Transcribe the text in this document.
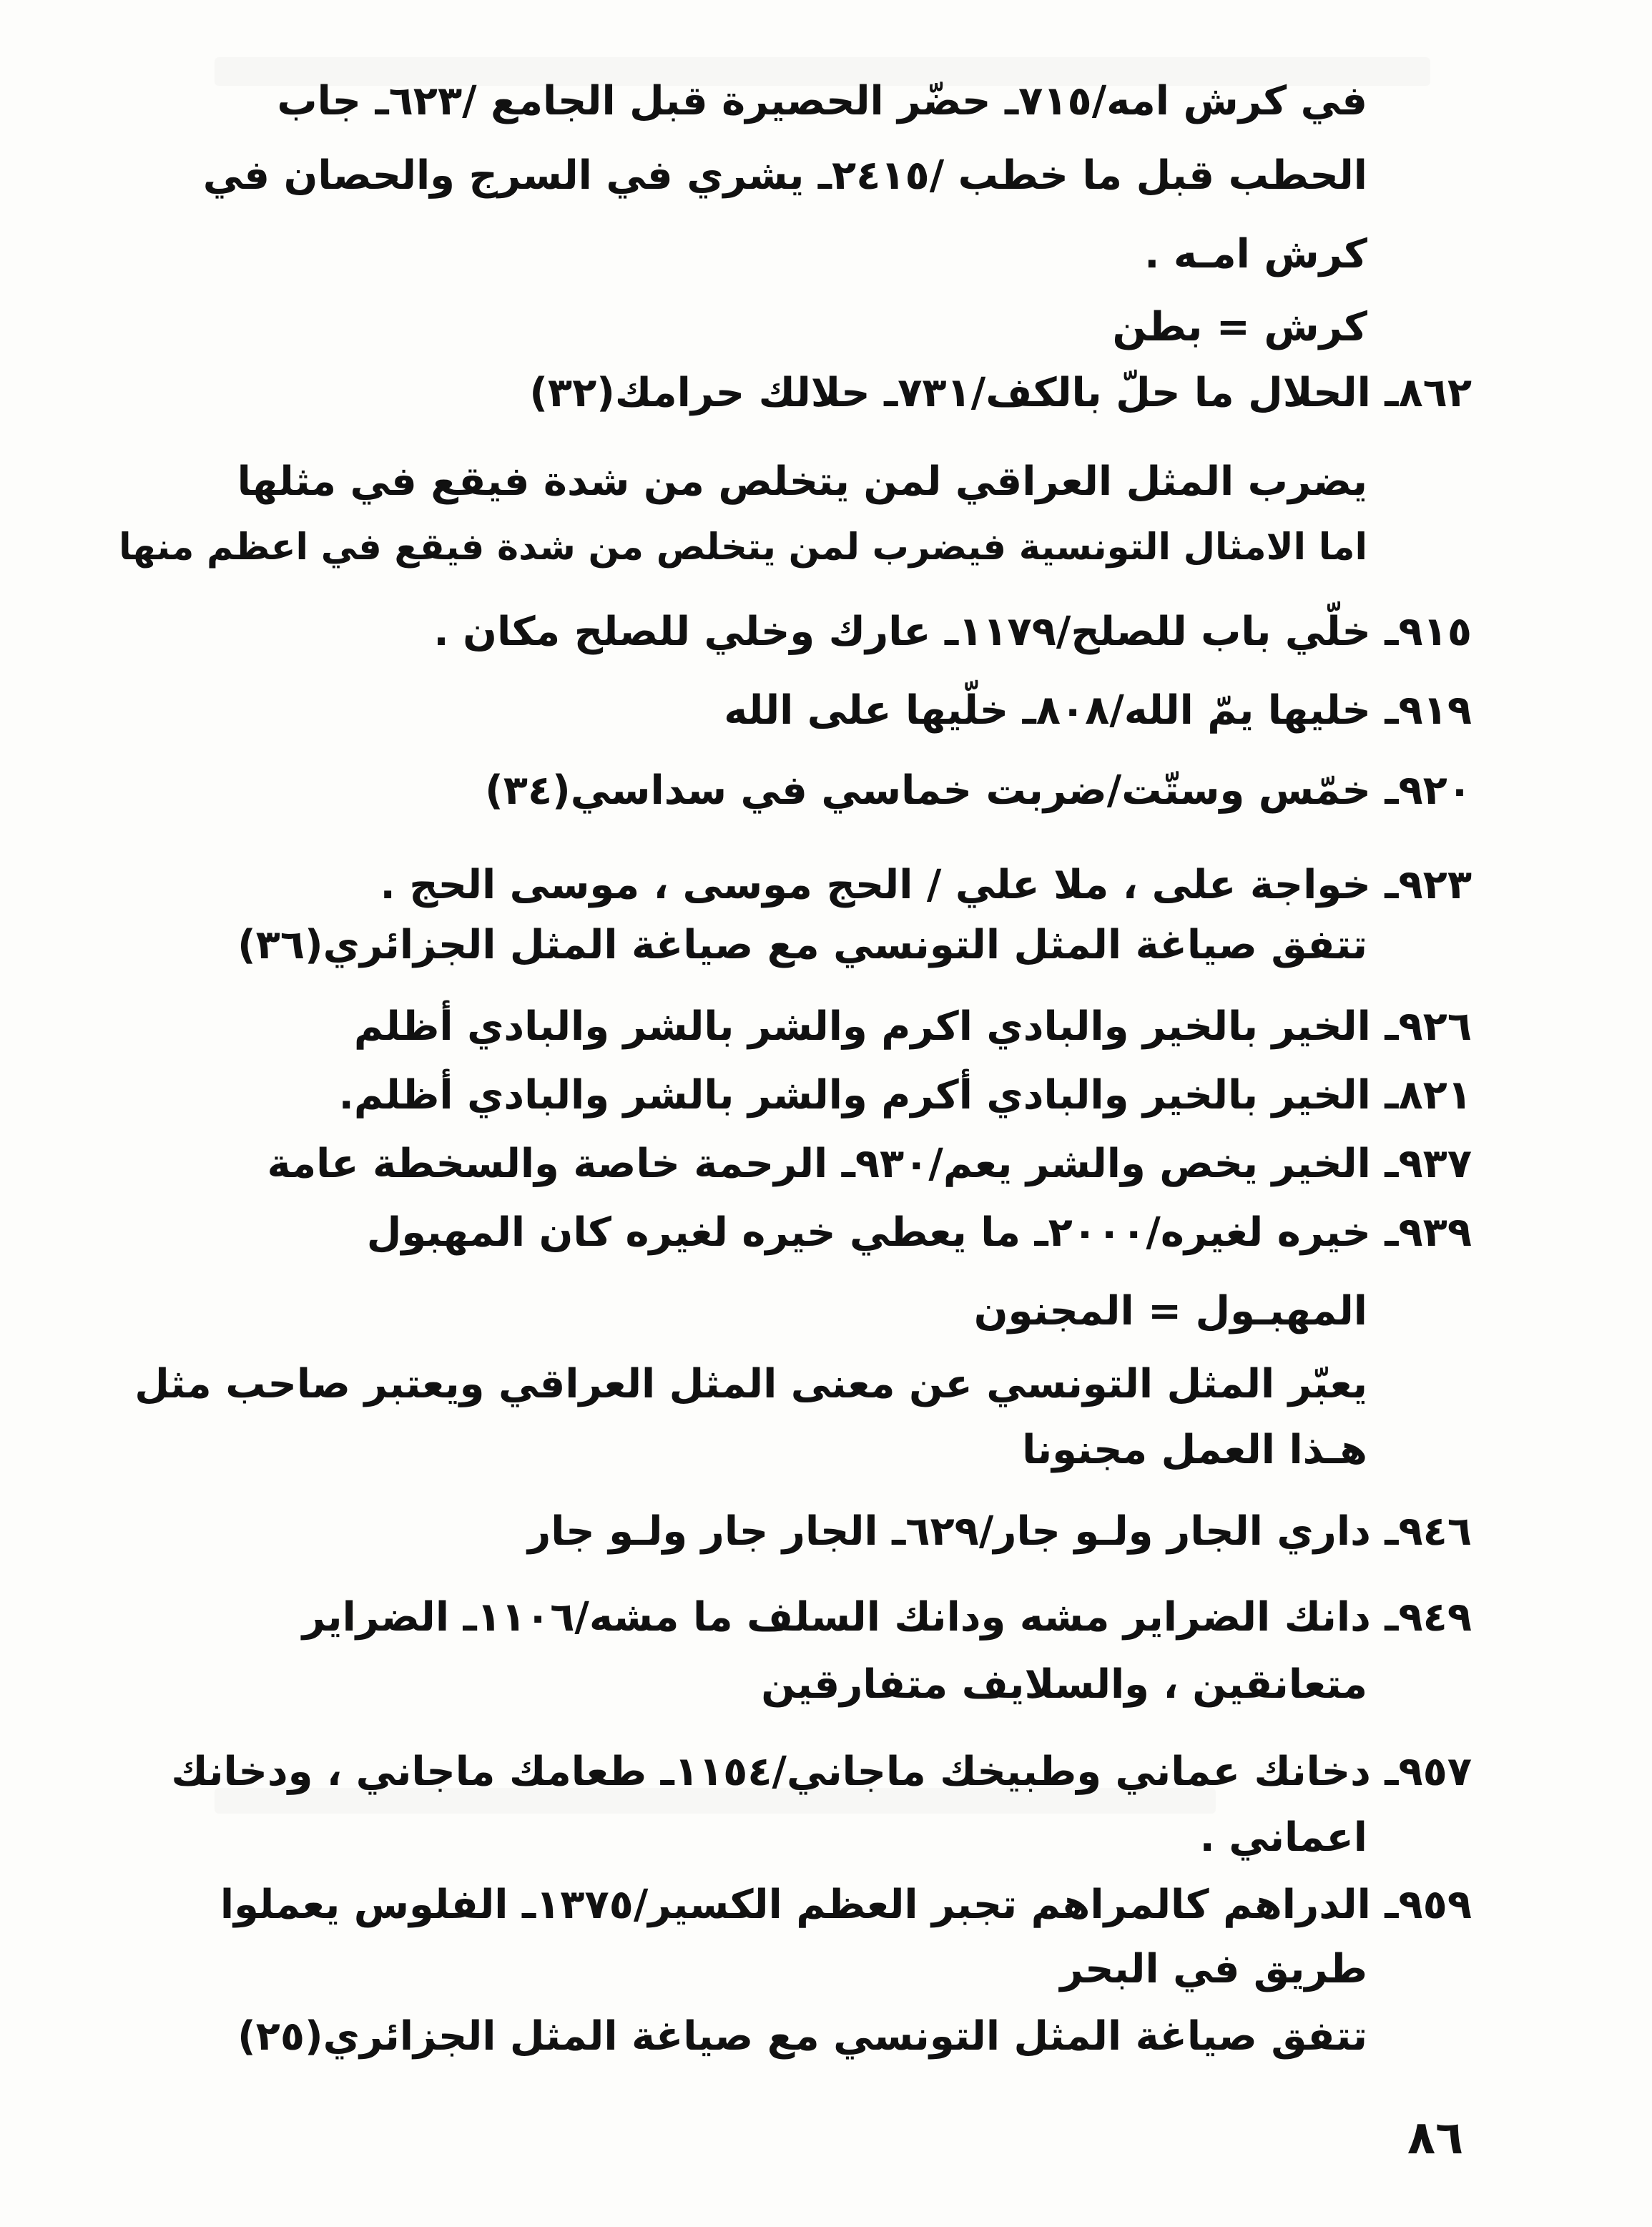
في كرش امه/٧١٥ـ حضّر الحصيرة قبل الجامع /٦٢٣ـ جاب
الحطب قبل ما خطب /٢٤١٥ـ يشري في السرج والحصان في
كرش امـه .
كرش = بطن
٨٦٢ـ الحلال ما حلّ بالكف/٧٣١ـ حلالك حرامك(٣٢)
يضرب المثل العراقي لمن يتخلص من شدة فيقع في مثلها
اما الامثال التونسية فيضرب لمن يتخلص من شدة فيقع في اعظم منها
٩١٥ـ خلّي باب للصلح/١١٧٩ـ عارك وخلي للصلح مكان .
٩١٩ـ خليها يمّ الله/٨٠٨ـ خلّيها على الله
٩٢٠ـ خمّس وستّت/ضربت خماسي في سداسي(٣٤)
٩٢٣ـ خواجة على ، ملا علي / الحج موسى ، موسى الحج .
تتفق صياغة المثل التونسي مع صياغة المثل الجزائري(٣٦)
٩٢٦ـ الخير بالخير والبادي اكرم والشر بالشر والبادي أظلم
٨٢١ـ الخير بالخير والبادي أكرم والشر بالشر والبادي أظلم.
٩٣٧ـ الخير يخص والشر يعم/٩٣٠ـ الرحمة خاصة والسخطة عامة
٩٣٩ـ خيره لغيره/٢٠٠٠ـ ما يعطي خيره لغيره كان المهبول
المهبـول = المجنون
يعبّر المثل التونسي عن معنى المثل العراقي ويعتبر صاحب مثل
هـذا العمل مجنونا
٩٤٦ـ داري الجار ولـو جار/٦٢٩ـ الجار جار ولـو جار
٩٤٩ـ دانك الضراير مشه ودانك السلف ما مشه/١١٠٦ـ الضراير
متعانقين ، والسلايف متفارقين
٩٥٧ـ دخانك عماني وطبيخك ماجاني/١١٥٤ـ طعامك ماجاني ، ودخانك
اعماني .
٩٥٩ـ الدراهم كالمراهم تجبر العظم الكسير/١٣٧٥ـ الفلوس يعملوا
طريق في البحر
تتفق صياغة المثل التونسي مع صياغة المثل الجزائري(٢٥)
٨٦
